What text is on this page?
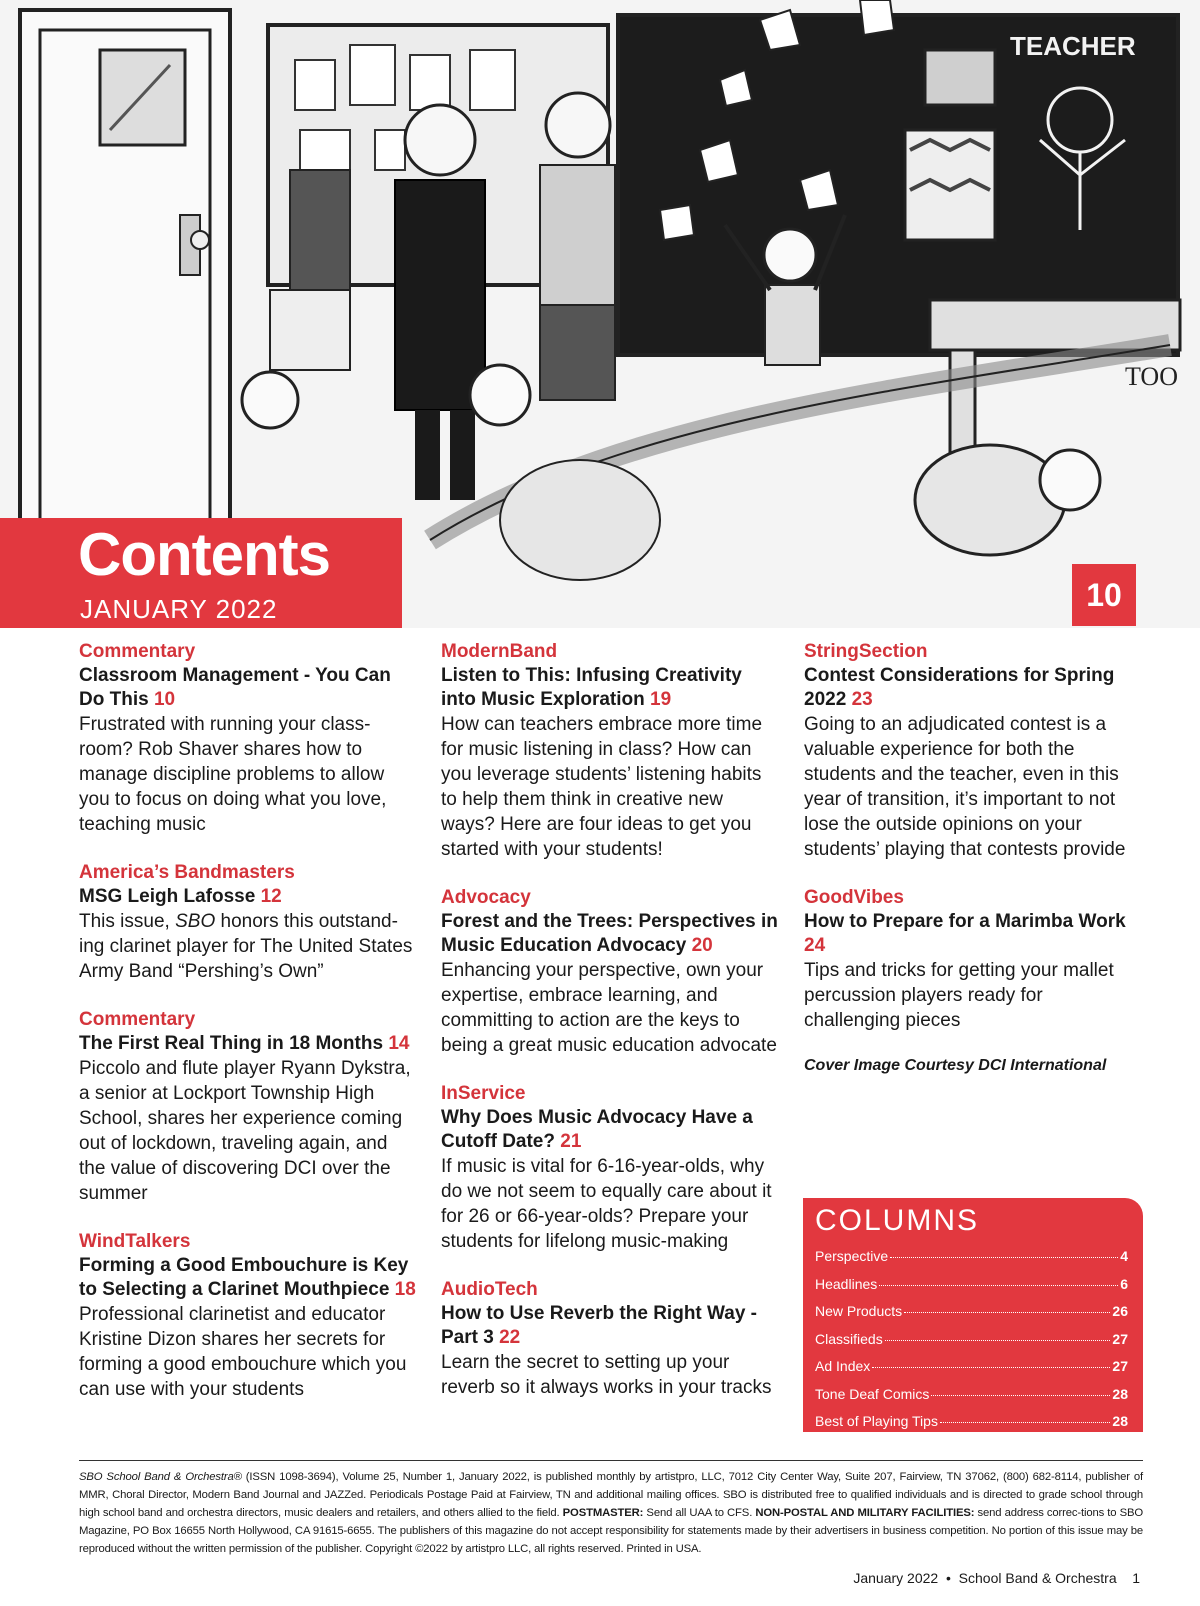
TEACHER
TOO
Contents
JANUARY 2022	10
Commentary
Classroom Management - You Can Do This 10

Frustrated with running your class-room? Rob Shaver shares how to manage discipline problems to allow you to focus on doing what you love, teaching music

America’s Bandmasters
MSG Leigh Lafosse 12

This issue, SBO honors this outstand-ing clarinet player for The United States Army Band “Pershing’s Own”

Commentary
The First Real Thing in 18 Months 14

Piccolo and flute player Ryann Dykstra, a senior at Lockport Township High School, shares her experience coming out of lockdown, traveling again, and the value of discovering DCI over the summer

WindTalkers
Forming a Good Embouchure is Key to Selecting a Clarinet Mouthpiece 18

Professional clarinetist and educator Kristine Dizon shares her secrets for forming a good embouchure which you can use with your students

ModernBand
Listen to This: Infusing Creativity into Music Exploration 19

How can teachers embrace more time for music listening in class? How can you leverage students’ listening habits to help them think in creative new ways? Here are four ideas to get you started with your students!

Advocacy
Forest and the Trees: Perspectives in Music Education Advocacy 20

Enhancing your perspective, own your expertise, embrace learning, and committing to action are the keys to being a great music education advocate

InService
Why Does Music Advocacy Have a Cutoff Date? 21

If music is vital for 6-16-year-olds, why do we not seem to equally care about it for 26 or 66-year-olds? Prepare your students for lifelong music-making

AudioTech
How to Use Reverb the Right Way - Part 3 22

Learn the secret to setting up your reverb so it always works in your tracks

StringSection
Contest Considerations for Spring 2022 23

Going to an adjudicated contest is a valuable experience for both the students and the teacher, even in this year of transition, it’s important to not lose the outside opinions on your students’ playing that contests provide

GoodVibes
How to Prepare for a Marimba Work 24

Tips and tricks for getting your mallet percussion players ready for challenging pieces

Cover Image Courtesy DCI International
COLUMNS
Perspective	4
Headlines	6
New Products	26
Classifieds	27
Ad Index	27
Tone Deaf Comics	28
Best of Playing Tips	28
SBO School Band & Orchestra® (ISSN 1098-3694), Volume 25, Number 1, January 2022, is published monthly by artistpro, LLC, 7012 City Center Way, Suite 207, Fairview, TN 37062, (800) 682-8114, publisher of MMR, Choral Director, Modern Band Journal and JAZZed. Periodicals Postage Paid at Fairview, TN and additional mailing offices. SBO is distributed free to qualified individuals and is directed to grade school through high school band and orchestra directors, music dealers and retailers, and others allied to the field. POSTMASTER: Send all UAA to CFS. NON-POSTAL AND MILITARY FACILITIES: send address correc-tions to SBO Magazine, PO Box 16655 North Hollywood, CA 91615-6655. The publishers of this magazine do not accept responsibility for statements made by their advertisers in business competition. No portion of this issue may be reproduced without the written permission of the publisher. Copyright ©2022 by artistpro LLC, all rights reserved. Printed in USA.
January 2022 • School Band & Orchestra 1
